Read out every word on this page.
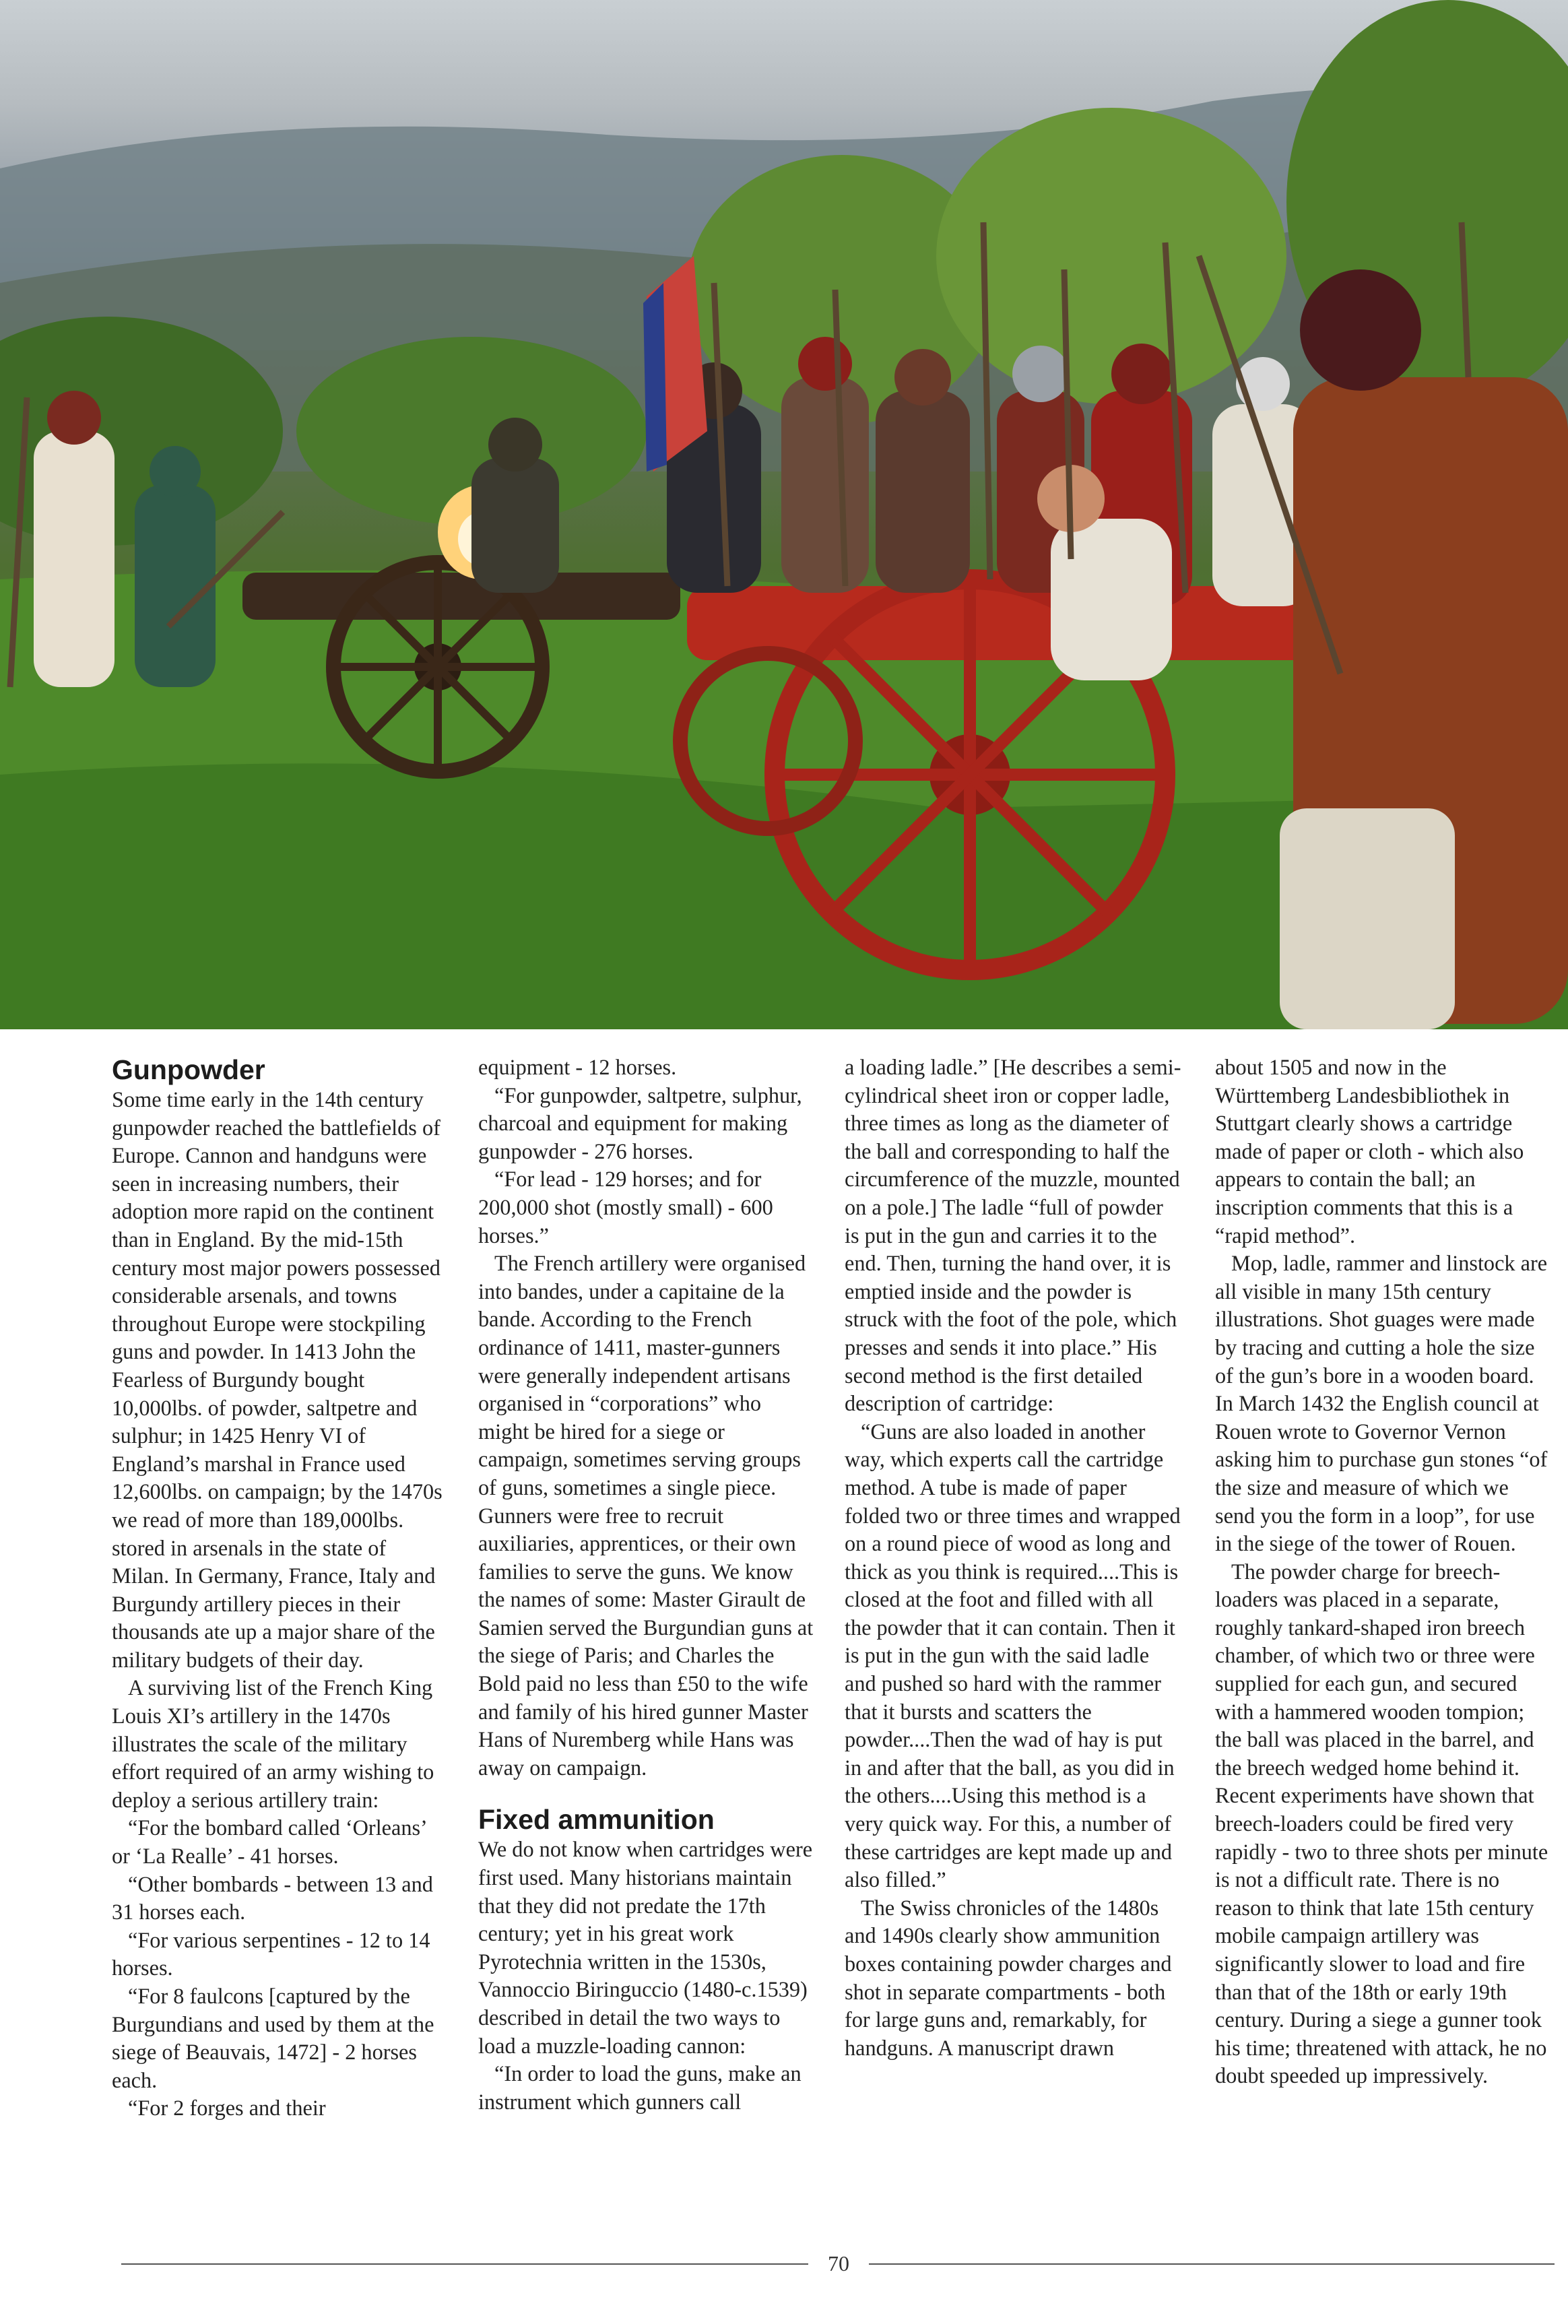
Gunpowder

Some time early in the 14th century gunpowder reached the battlefields of Europe. Cannon and handguns were seen in increasing numbers, their adoption more rapid on the continent than in England. By the mid-15th century most major powers possessed considerable arsenals, and towns throughout Europe were stockpiling guns and powder. In 1413 John the Fearless of Burgundy bought 10,000lbs. of powder, saltpetre and sulphur; in 1425 Henry VI of England’s marshal in France used 12,600lbs. on campaign; by the 1470s we read of more than 189,000lbs. stored in arsenals in the state of Milan. In Germany, France, Italy and Burgundy artillery pieces in their thousands ate up a major share of the military budgets of their day.

A surviving list of the French King Louis XI’s artillery in the 1470s illustrates the scale of the military effort required of an army wishing to deploy a serious artillery train:

“For the bombard called ‘Orleans’ or ‘La Realle’ - 41 horses.

“Other bombards - between 13 and 31 horses each.

“For various serpentines - 12 to 14 horses.

“For 8 faulcons [captured by the Burgundians and used by them at the siege of Beauvais, 1472] - 2 horses each.

“For 2 forges and their

equipment - 12 horses.

“For gunpowder, saltpetre, sulphur, charcoal and equipment for making gunpowder - 276 horses.

“For lead - 129 horses; and for 200,000 shot (mostly small) - 600 horses.”

The French artillery were organised into bandes, under a capitaine de la bande. According to the French ordinance of 1411, master-gunners were generally independent artisans organised in “corporations” who might be hired for a siege or campaign, sometimes serving groups of guns, sometimes a single piece. Gunners were free to recruit auxiliaries, apprentices, or their own families to serve the guns. We know the names of some: Master Girault de Samien served the Burgundian guns at the siege of Paris; and Charles the Bold paid no less than £50 to the wife and family of his hired gunner Master Hans of Nuremberg while Hans was away on campaign.

Fixed ammunition

We do not know when cartridges were first used. Many historians maintain that they did not predate the 17th century; yet in his great work Pyrotechnia written in the 1530s, Vannoccio Biringuccio (1480-c.1539) described in detail the two ways to load a muzzle-loading cannon:

“In order to load the guns, make an instrument which gunners call

a loading ladle.” [He describes a semi-cylindrical sheet iron or copper ladle, three times as long as the diameter of the ball and corresponding to half the circumference of the muzzle, mounted on a pole.] The ladle “full of powder is put in the gun and carries it to the end. Then, turning the hand over, it is emptied inside and the powder is struck with the foot of the pole, which presses and sends it into place.” His second method is the first detailed description of cartridge:

“Guns are also loaded in another way, which experts call the cartridge method. A tube is made of paper folded two or three times and wrapped on a round piece of wood as long and thick as you think is required....This is closed at the foot and filled with all the powder that it can contain. Then it is put in the gun with the said ladle and pushed so hard with the rammer that it bursts and scatters the powder....Then the wad of hay is put in and after that the ball, as you did in the others....Using this method is a very quick way. For this, a number of these cartridges are kept made up and also filled.”

The Swiss chronicles of the 1480s and 1490s clearly show ammunition boxes containing powder charges and shot in separate compartments - both for large guns and, remarkably, for handguns. A manuscript drawn

about 1505 and now in the Württemberg Landesbibliothek in Stuttgart clearly shows a cartridge made of paper or cloth - which also appears to contain the ball; an inscription comments that this is a “rapid method”.

Mop, ladle, rammer and linstock are all visible in many 15th century illustrations. Shot guages were made by tracing and cutting a hole the size of the gun’s bore in a wooden board. In March 1432 the English council at Rouen wrote to Governor Vernon asking him to purchase gun stones “of the size and measure of which we send you the form in a loop”, for use in the siege of the tower of Rouen.

The powder charge for breech-loaders was placed in a separate, roughly tankard-shaped iron breech chamber, of which two or three were supplied for each gun, and secured with a hammered wooden tompion; the ball was placed in the barrel, and the breech wedged home behind it. Recent experiments have shown that breech-loaders could be fired very rapidly - two to three shots per minute is not a difficult rate. There is no reason to think that late 15th century mobile campaign artillery was significantly slower to load and fire than that of the 18th or early 19th century. During a siege a gunner took his time; threatened with attack, he no doubt speeded up impressively.

70
